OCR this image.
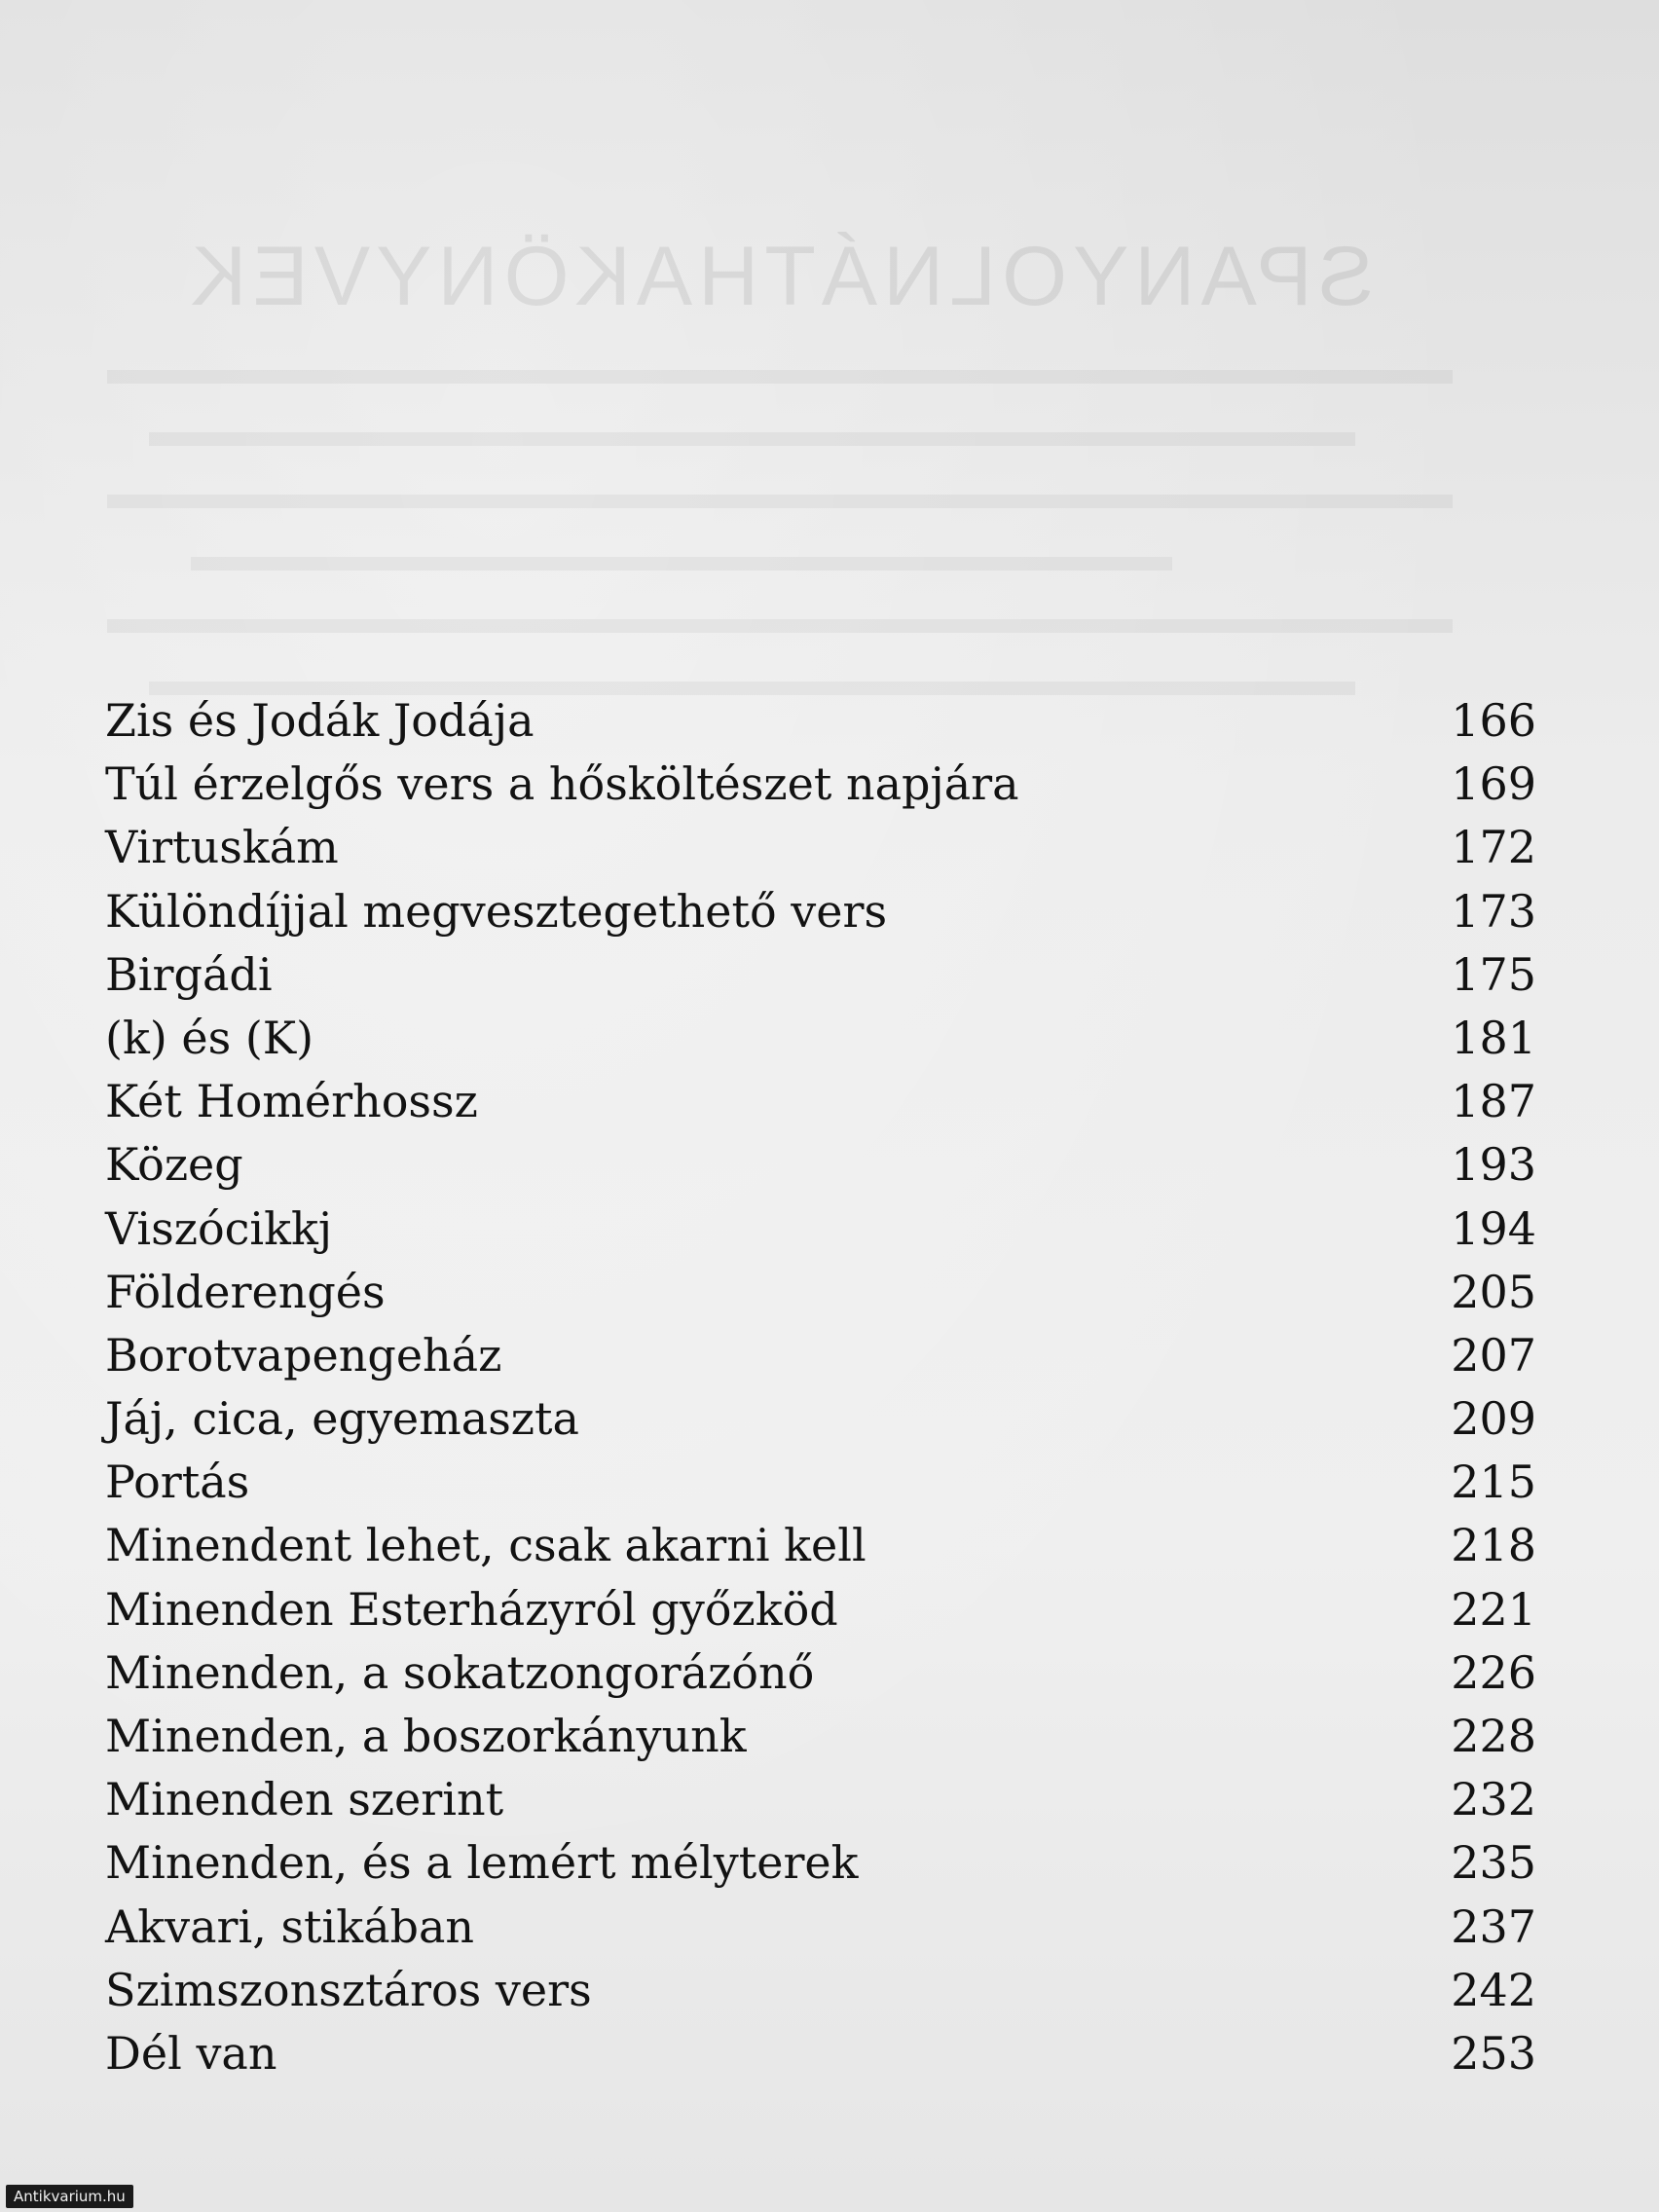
SPANYOLNÁTHAKÖNYVEK
Zis és Jodák Jodája	166
Túl érzelgős vers a hősköltészet napjára	169
Virtuskám	172
Különdíjjal megvesztegethető vers	173
Birgádi	175
(k) és (K)	181
Két Homérhossz	187
Közeg	193
Viszócikkj	194
Földerengés	205
Borotvapengeház	207
Jáj, cica, egyemaszta	209
Portás	215
Minendent lehet, csak akarni kell	218
Minenden Esterházyról győzköd	221
Minenden, a sokatzongorázónő	226
Minenden, a boszorkányunk	228
Minenden szerint	232
Minenden, és a lemért mélyterek	235
Akvari, stikában	237
Szimszonsztáros vers	242
Dél van	253
Antikvarium.hu
